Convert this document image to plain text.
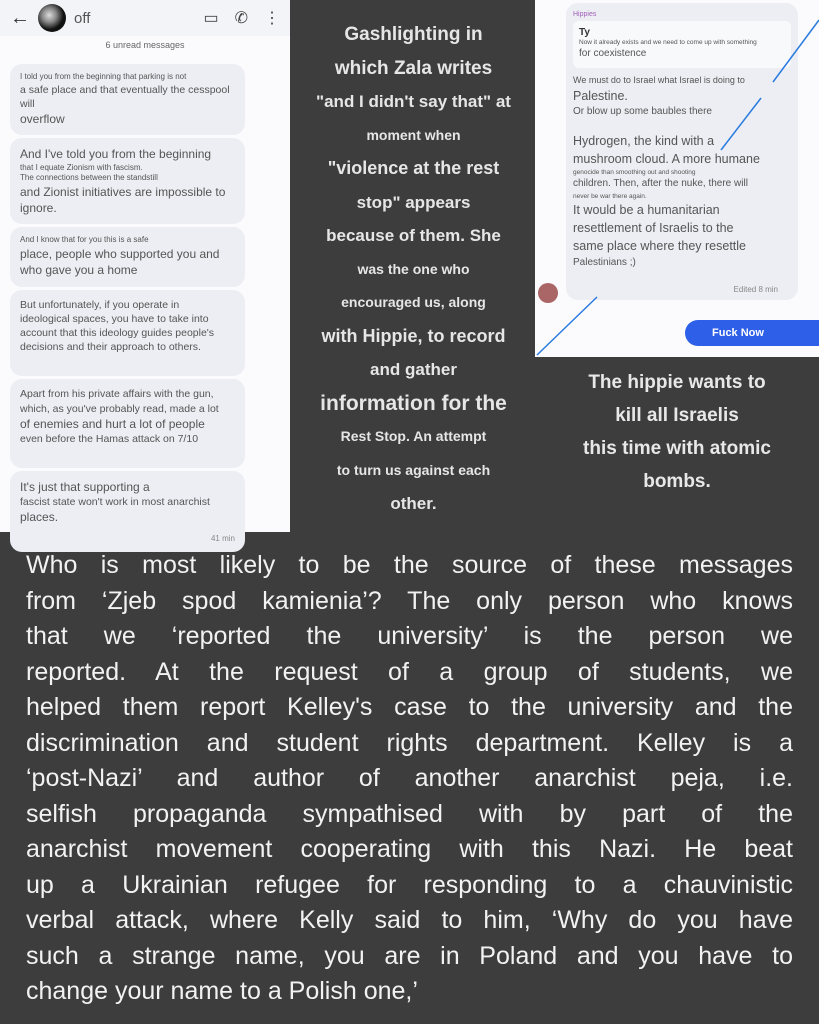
←	off	▭ ✆ ⋮
6 unread messages
I told you from the beginning that parking is not
a safe place and that eventually the cesspool will
overflow
And I've told you from the beginning
that I equate Zionism with fascism.
The connections between the standstill
and Zionist initiatives are impossible to
ignore.
And I know that for you this is a safe
place, people who supported you and
who gave you a home
But unfortunately, if you operate in
ideological spaces, you have to take into
account that this ideology guides people's
decisions and their approach to others.
Apart from his private affairs with the gun,
which, as you've probably read, made a lot
of enemies and hurt a lot of people
even before the Hamas attack on 7/10
It's just that supporting a
fascist state won't work in most anarchist
places.
41 min
Gashlighting in
which Zala writes
"and I didn't say that" at
moment when
"violence at the rest
stop" appears
because of them. She
was the one who
encouraged us, along
with Hippie, to record
and gather
information for the
Rest Stop. An attempt
to turn us against each
other.
Hippies
Ty

Now it already exists and we need to come up with something

for coexistence

We must do to Israel what Israel is doing to

Palestine.

Or blow up some baubles there

Hydrogen, the kind with a

mushroom cloud. A more humane

genocide than smoothing out and shooting

children. Then, after the nuke, there will

never be war there again.

It would be a humanitarian

resettlement of Israelis to the

same place where they resettle

Palestinians ;)

Edited 8 min
Fuck Now
The hippie wants to
kill all Israelis
this time with atomic
bombs.
Who is most likely to be the source of these messages
from ‘Zjeb spod kamienia’? The only person who knows
that we ‘reported the university’ is the person we
reported. At the request of a group of students, we
helped them report Kelley's case to the university and the
discrimination and student rights department. Kelley is a
‘post-Nazi’ and author of another anarchist peja, i.e.
selfish propaganda sympathised with by part of the
anarchist movement cooperating with this Nazi. He beat
up a Ukrainian refugee for responding to a chauvinistic
verbal attack, where Kelly said to him, ‘Why do you have
such a strange name, you are in Poland and you have to
change your name to a Polish one,’
